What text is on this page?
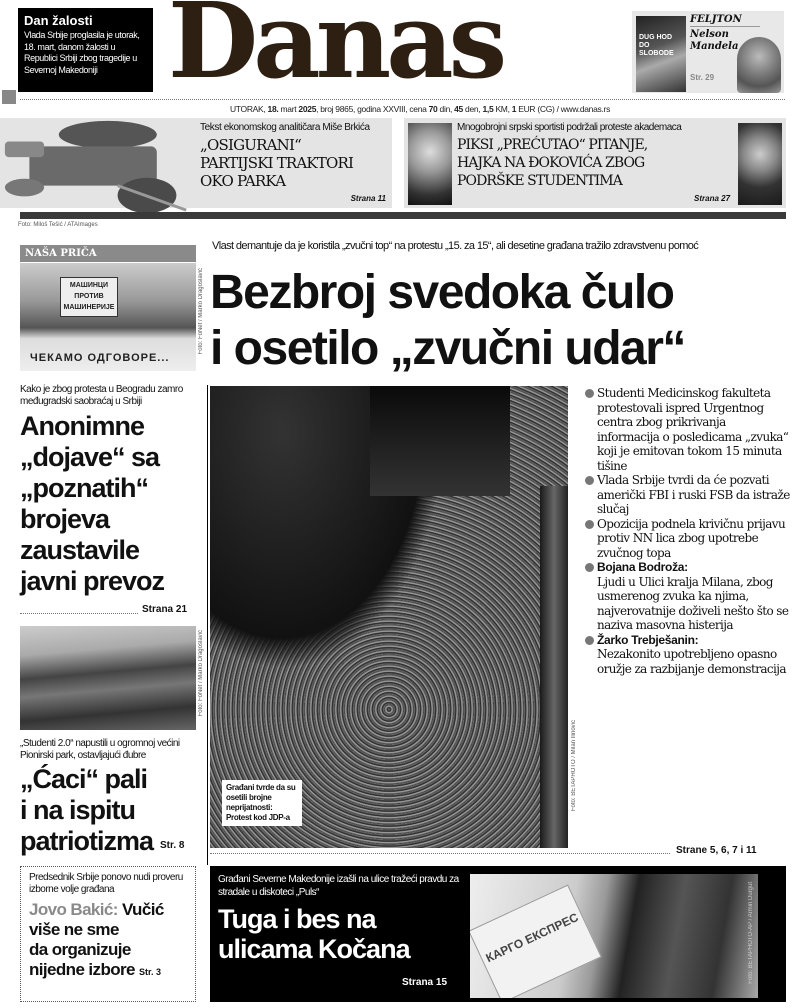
Dan žalosti
Vlada Srbije proglasila je utorak, 18. mart, danom žalosti u Republici Srbiji zbog tragedije u Severnoj Makedoniji Danas	DUG HOD DO SLOBODE
FELJTON
Nelson Mandela
Str. 29
UTORAK, 18. mart 2025, broj 9865, godina XXVIII, cena 70 din, 45 den, 1,5 KM, 1 EUR (CG) / www.danas.rs
Tekst ekonomskog analitičara Miše Brkića
„OSIGURANI“
PARTIJSKI TRAKTORI
OKO PARKA
Strana 11
Mnogobrojni srpski sportisti podržali proteste akademaca
PIKSI „PREĆUTAO“ PITANJE,
HAJKA NA ĐOKOVIĆA ZBOG
PODRŠKE STUDENTIMA
Strana 27
Foto: Miloš Tešić / ATAImages
NAŠA PRIČA
МАШИНЦИ ПРОТИВ МАШИНЕРИЈЕ
ЧЕКАМО ОДГОВОРЕ...
Foto: FoNet / Marko Dragoslavić
Kako je zbog protesta u Beogradu zamro međugradski saobraćaj u Srbiji
Anonimne
„dojave“ sa
„poznatih“
brojeva
zaustavile
javni prevoz
Strana 21
Foto: FoNet / Marko Dragoslavić
„Studenti 2.0“ napustili u ogromnoj većini Pionirski park, ostavljajući đubre
„Ćaci“ pali
i na ispitu
patriotizma Str. 8
Predsednik Srbije ponovo nudi proveru izborne volje građana
Jovo Bakić: Vučić
više ne sme
da organizuje
nijedne izbore Str. 3
Vlast demantuje da je koristila „zvučni top“ na protestu „15. za 15“, ali desetine građana tražilo zdravstvenu pomoć
Bezbroj svedoka čulo
i osetilo „zvučni udar“
Građani tvrde da su osetili brojne neprijatnosti: Protest kod JDP-a
Foto: BETAPHOTO / Milan Ilinović
Studenti Medicinskog fakulteta protestovali ispred Urgentnog centra zbog prikrivanja informacija o posledicama „zvuka“ koji je emitovan tokom 15 minuta tišine
Vlada Srbije tvrdi da će pozvati američki FBI i ruski FSB da istraže slučaj
Opozicija podnela krivičnu prijavu protiv NN lica zbog upotrebe zvučnog topa
Bojana Bodroža:
Ljudi u Ulici kralja Milana, zbog usmerenog zvuka ka njima, najverovatnije doživeli nešto što se naziva masovna histerija
Žarko Trebješanin:
Nezakonito upotrebljeno opasno oružje za razbijanje demonstracija
Strane 5, 6, 7 i 11
Građani Severne Makedonije izašli na ulice tražeći pravdu za stradale u diskoteci „Puls“
Tuga i bes na
ulicama Kočana
Strana 15
КАРГО ЕКСПРЕС	Foto: BETAPHOTO-AP / Armin Durgut
